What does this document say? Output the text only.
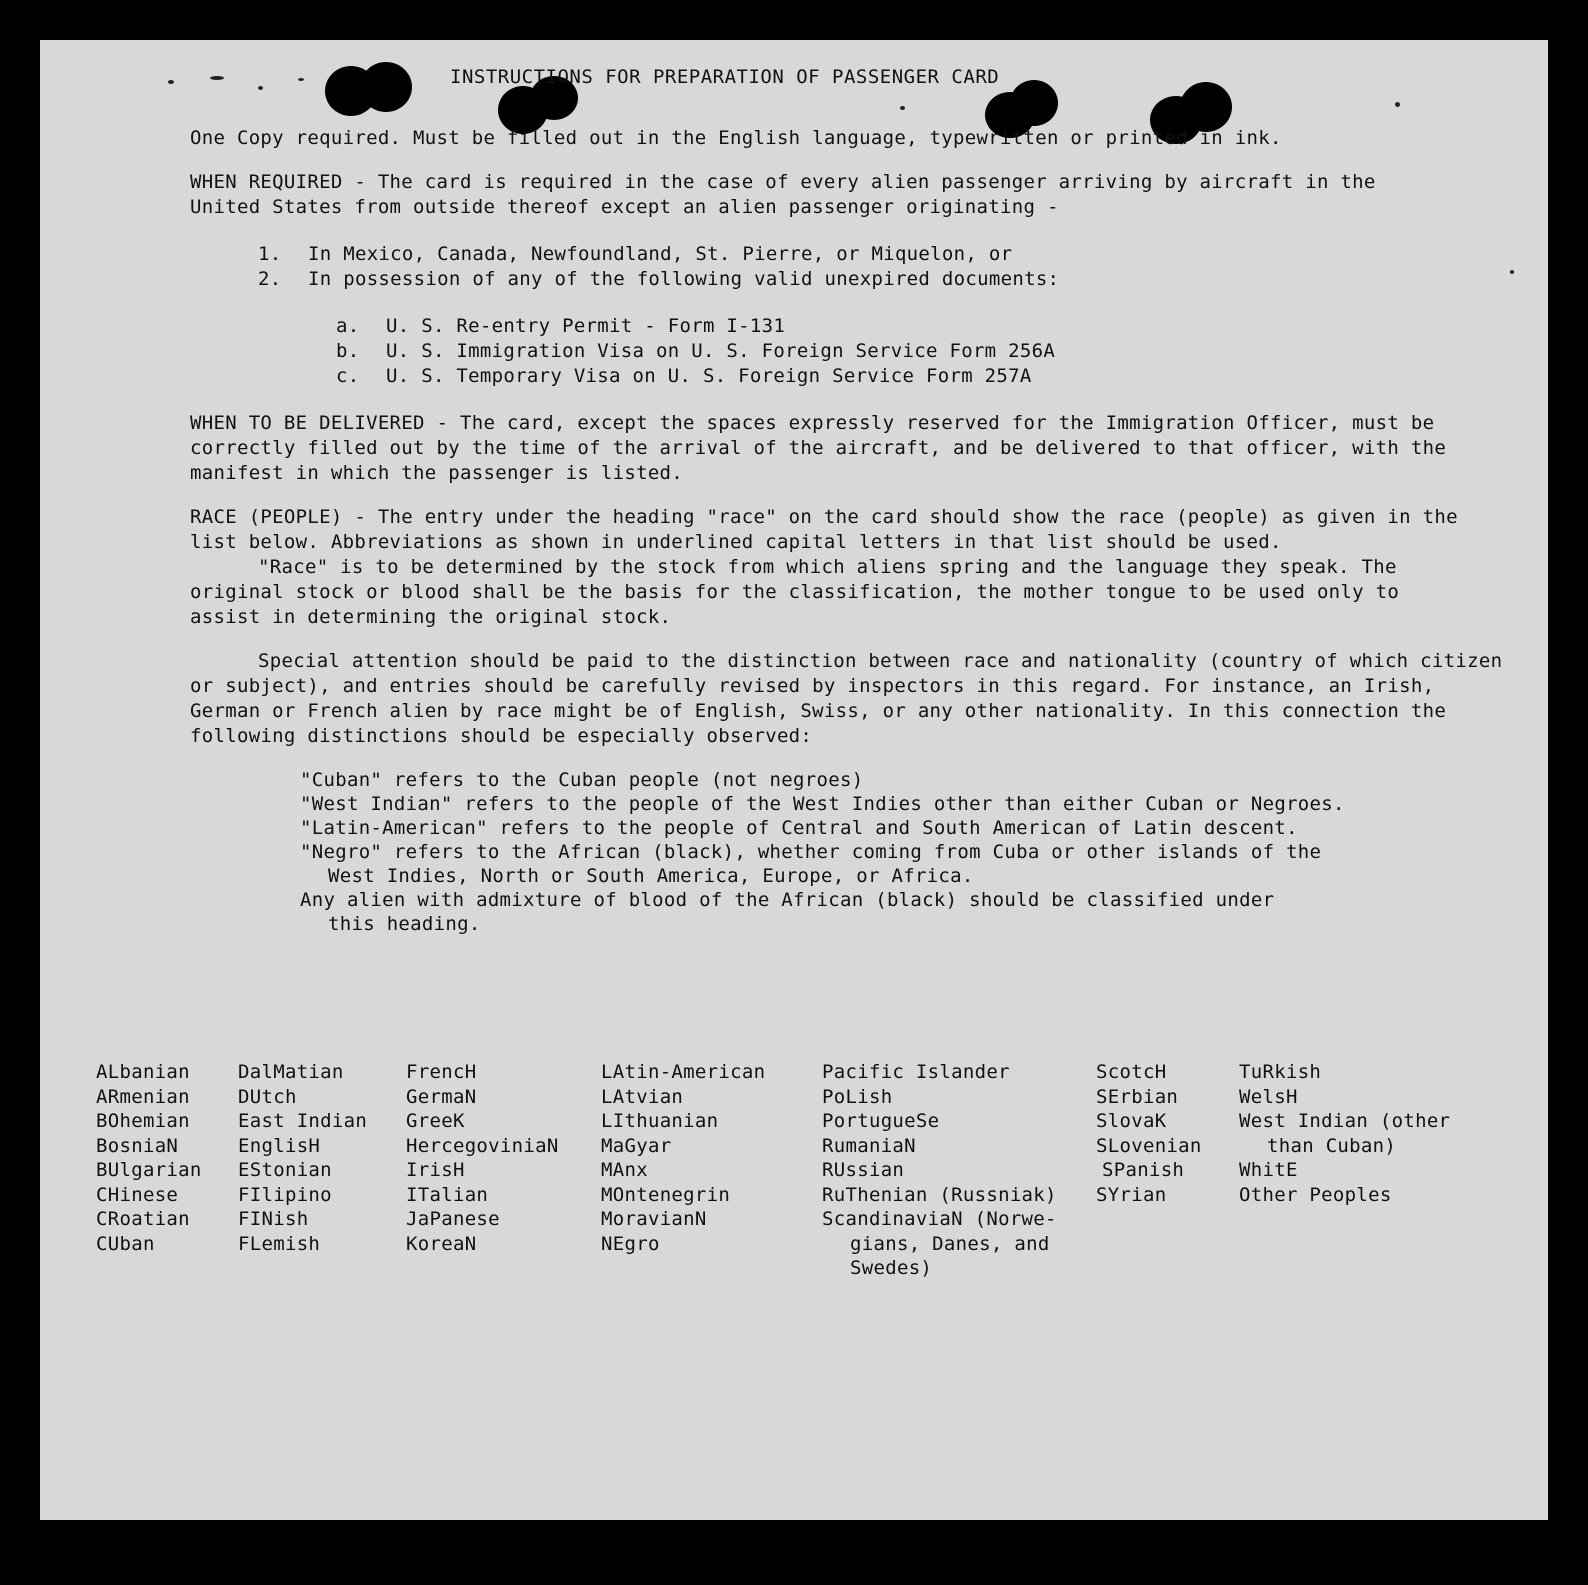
INSTRUCTIONS FOR PREPARATION OF PASSENGER CARD

One Copy required. Must be filled out in the English language, typewritten or printed in ink.

WHEN REQUIRED - The card is required in the case of every alien passenger arriving by aircraft in the United States from outside thereof except an alien passenger originating -

1. In Mexico, Canada, Newfoundland, St. Pierre, or Miquelon, or

2. In possession of any of the following valid unexpired documents:

a. U. S. Re-entry Permit - Form I-131

b. U. S. Immigration Visa on U. S. Foreign Service Form 256A

c. U. S. Temporary Visa on U. S. Foreign Service Form 257A

WHEN TO BE DELIVERED - The card, except the spaces expressly reserved for the Immigration Officer, must be correctly filled out by the time of the arrival of the aircraft, and be delivered to that officer, with the manifest in which the passenger is listed.

RACE (PEOPLE) - The entry under the heading "race" on the card should show the race (people) as given in the list below. Abbreviations as shown in underlined capital letters in that list should be used.

"Race" is to be determined by the stock from which aliens spring and the language they speak. The original stock or blood shall be the basis for the classification, the mother tongue to be used only to assist in determining the original stock.

Special attention should be paid to the distinction between race and nationality (country of which citizen or subject), and entries should be carefully revised by inspectors in this regard. For instance, an Irish, German or French alien by race might be of English, Swiss, or any other nationality. In this connection the following distinctions should be especially observed:

"Cuban" refers to the Cuban people (not negroes)

"West Indian" refers to the people of the West Indies other than either Cuban or Negroes.

"Latin-American" refers to the people of Central and South American of Latin descent.

"Negro" refers to the African (black), whether coming from Cuba or other islands of the

West Indies, North or South America, Europe, or Africa.

Any alien with admixture of blood of the African (black) should be classified under

this heading.

ALbanian
ARmenian
BOhemian
BosniaN
BUlgarian
CHinese
CRoatian
CUban
DalMatian
DUtch
East Indian
EnglisH
EStonian
FIlipino
FINish
FLemish
FrencH
GermaN
GreeK
HercegoviniaN
IrisH
ITalian
JaPanese
KoreaN
LAtin-American
LAtvian
LIthuanian
MaGyar
MAnx
MOntenegrin
MoravianN
NEgro
Pacific Islander
PoLish
PortugueSe
RumaniaN
RUssian
RuThenian (Russniak)
ScandinaviaN (Norwe-
gians, Danes, and
Swedes)
ScotcH
SErbian
SlovaK
SLovenian
SPanish
SYrian
TuRkish
WelsH
West Indian (other
than Cuban)
WhitE
Other Peoples
